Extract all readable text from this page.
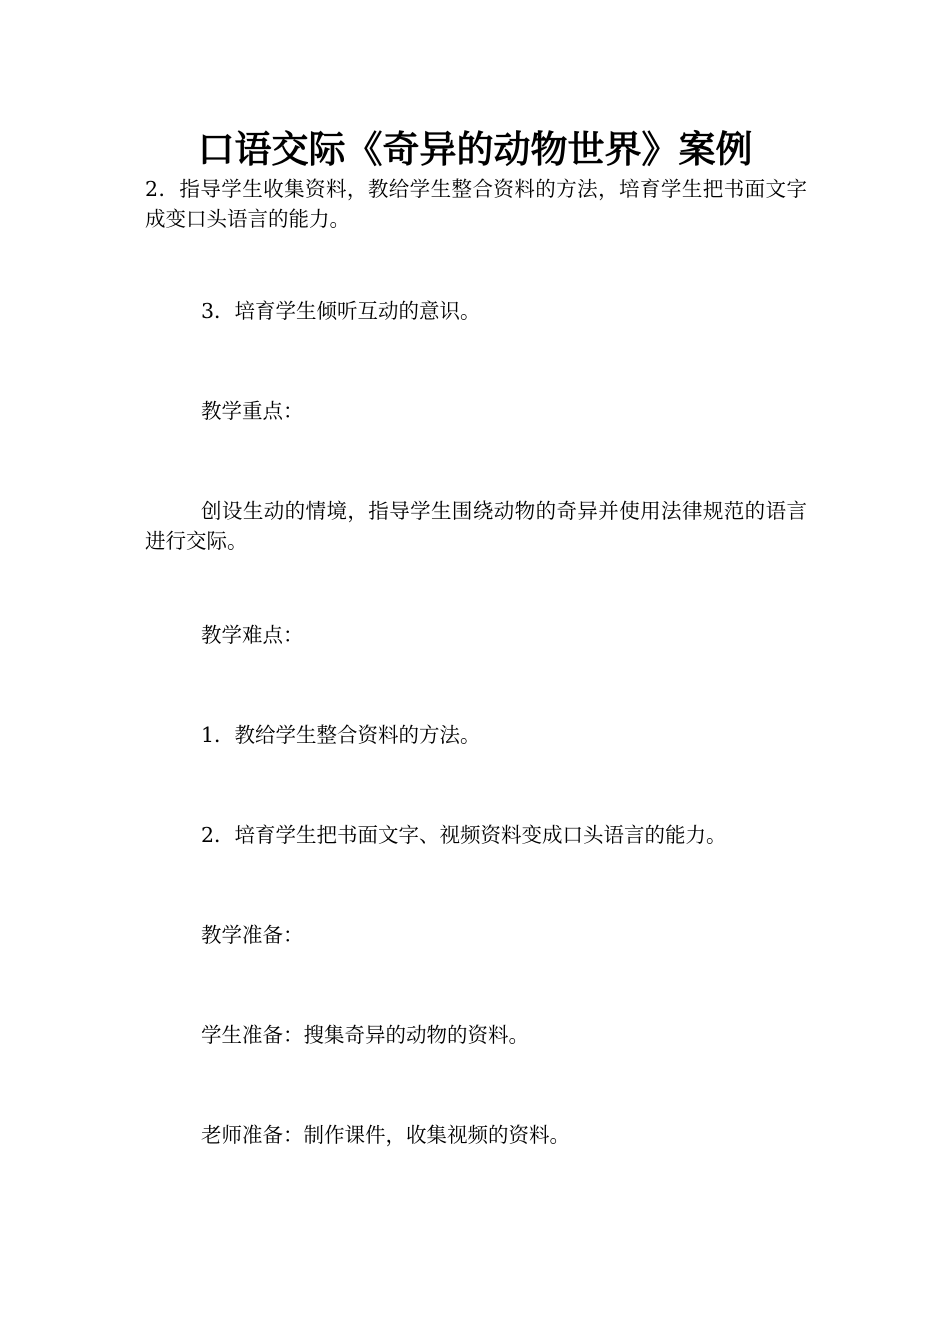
口语交际《奇异的动物世界》案例

2．指导学生收集资料，教给学生整合资料的方法，培育学生把书面文字成变口头语言的能力。

3．培育学生倾听互动的意识。

教学重点：

创设生动的情境，指导学生围绕动物的奇异并使用法律规范的语言进行交际。

教学难点：

1．教给学生整合资料的方法。

2．培育学生把书面文字、视频资料变成口头语言的能力。

教学准备：

学生准备：搜集奇异的动物的资料。

老师准备：制作课件，收集视频的资料。
